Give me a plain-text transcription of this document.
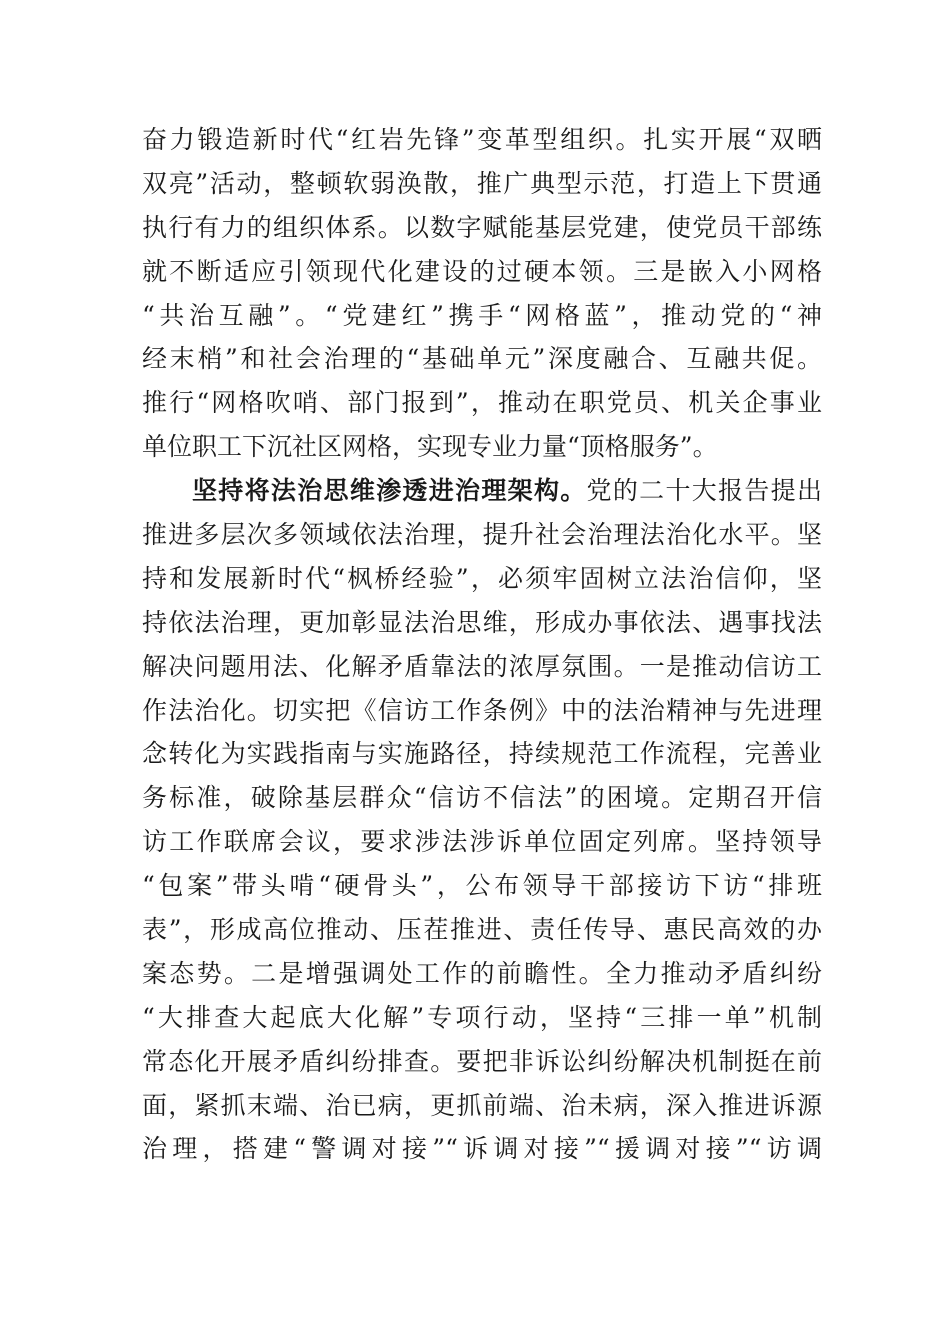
奋力锻造新时代“红岩先锋”变革型组织。扎实开展“双晒
双亮”活动，整顿软弱涣散，推广典型示范，打造上下贯通
执行有力的组织体系。以数字赋能基层党建，使党员干部练
就不断适应引领现代化建设的过硬本领。三是嵌入小网格
“共治互融”。“党建红”携手“网格蓝”，推动党的“神
经末梢”和社会治理的“基础单元”深度融合、互融共促。
推行“网格吹哨、部门报到”，推动在职党员、机关企事业
单位职工下沉社区网格，实现专业力量“顶格服务”。
坚持将法治思维渗透进治理架构。党的二十大报告提出
推进多层次多领域依法治理，提升社会治理法治化水平。坚
持和发展新时代“枫桥经验”，必须牢固树立法治信仰，坚
持依法治理，更加彰显法治思维，形成办事依法、遇事找法
解决问题用法、化解矛盾靠法的浓厚氛围。一是推动信访工
作法治化。切实把《信访工作条例》中的法治精神与先进理
念转化为实践指南与实施路径，持续规范工作流程，完善业
务标准，破除基层群众“信访不信法”的困境。定期召开信
访工作联席会议，要求涉法涉诉单位固定列席。坚持领导
“包案”带头啃“硬骨头”，公布领导干部接访下访“排班
表”，形成高位推动、压茬推进、责任传导、惠民高效的办
案态势。二是增强调处工作的前瞻性。全力推动矛盾纠纷
“大排查大起底大化解”专项行动，坚持“三排一单”机制
常态化开展矛盾纠纷排查。要把非诉讼纠纷解决机制挺在前
面，紧抓末端、治已病，更抓前端、治未病，深入推进诉源
治理，搭建“警调对接”“诉调对接”“援调对接”“访调
